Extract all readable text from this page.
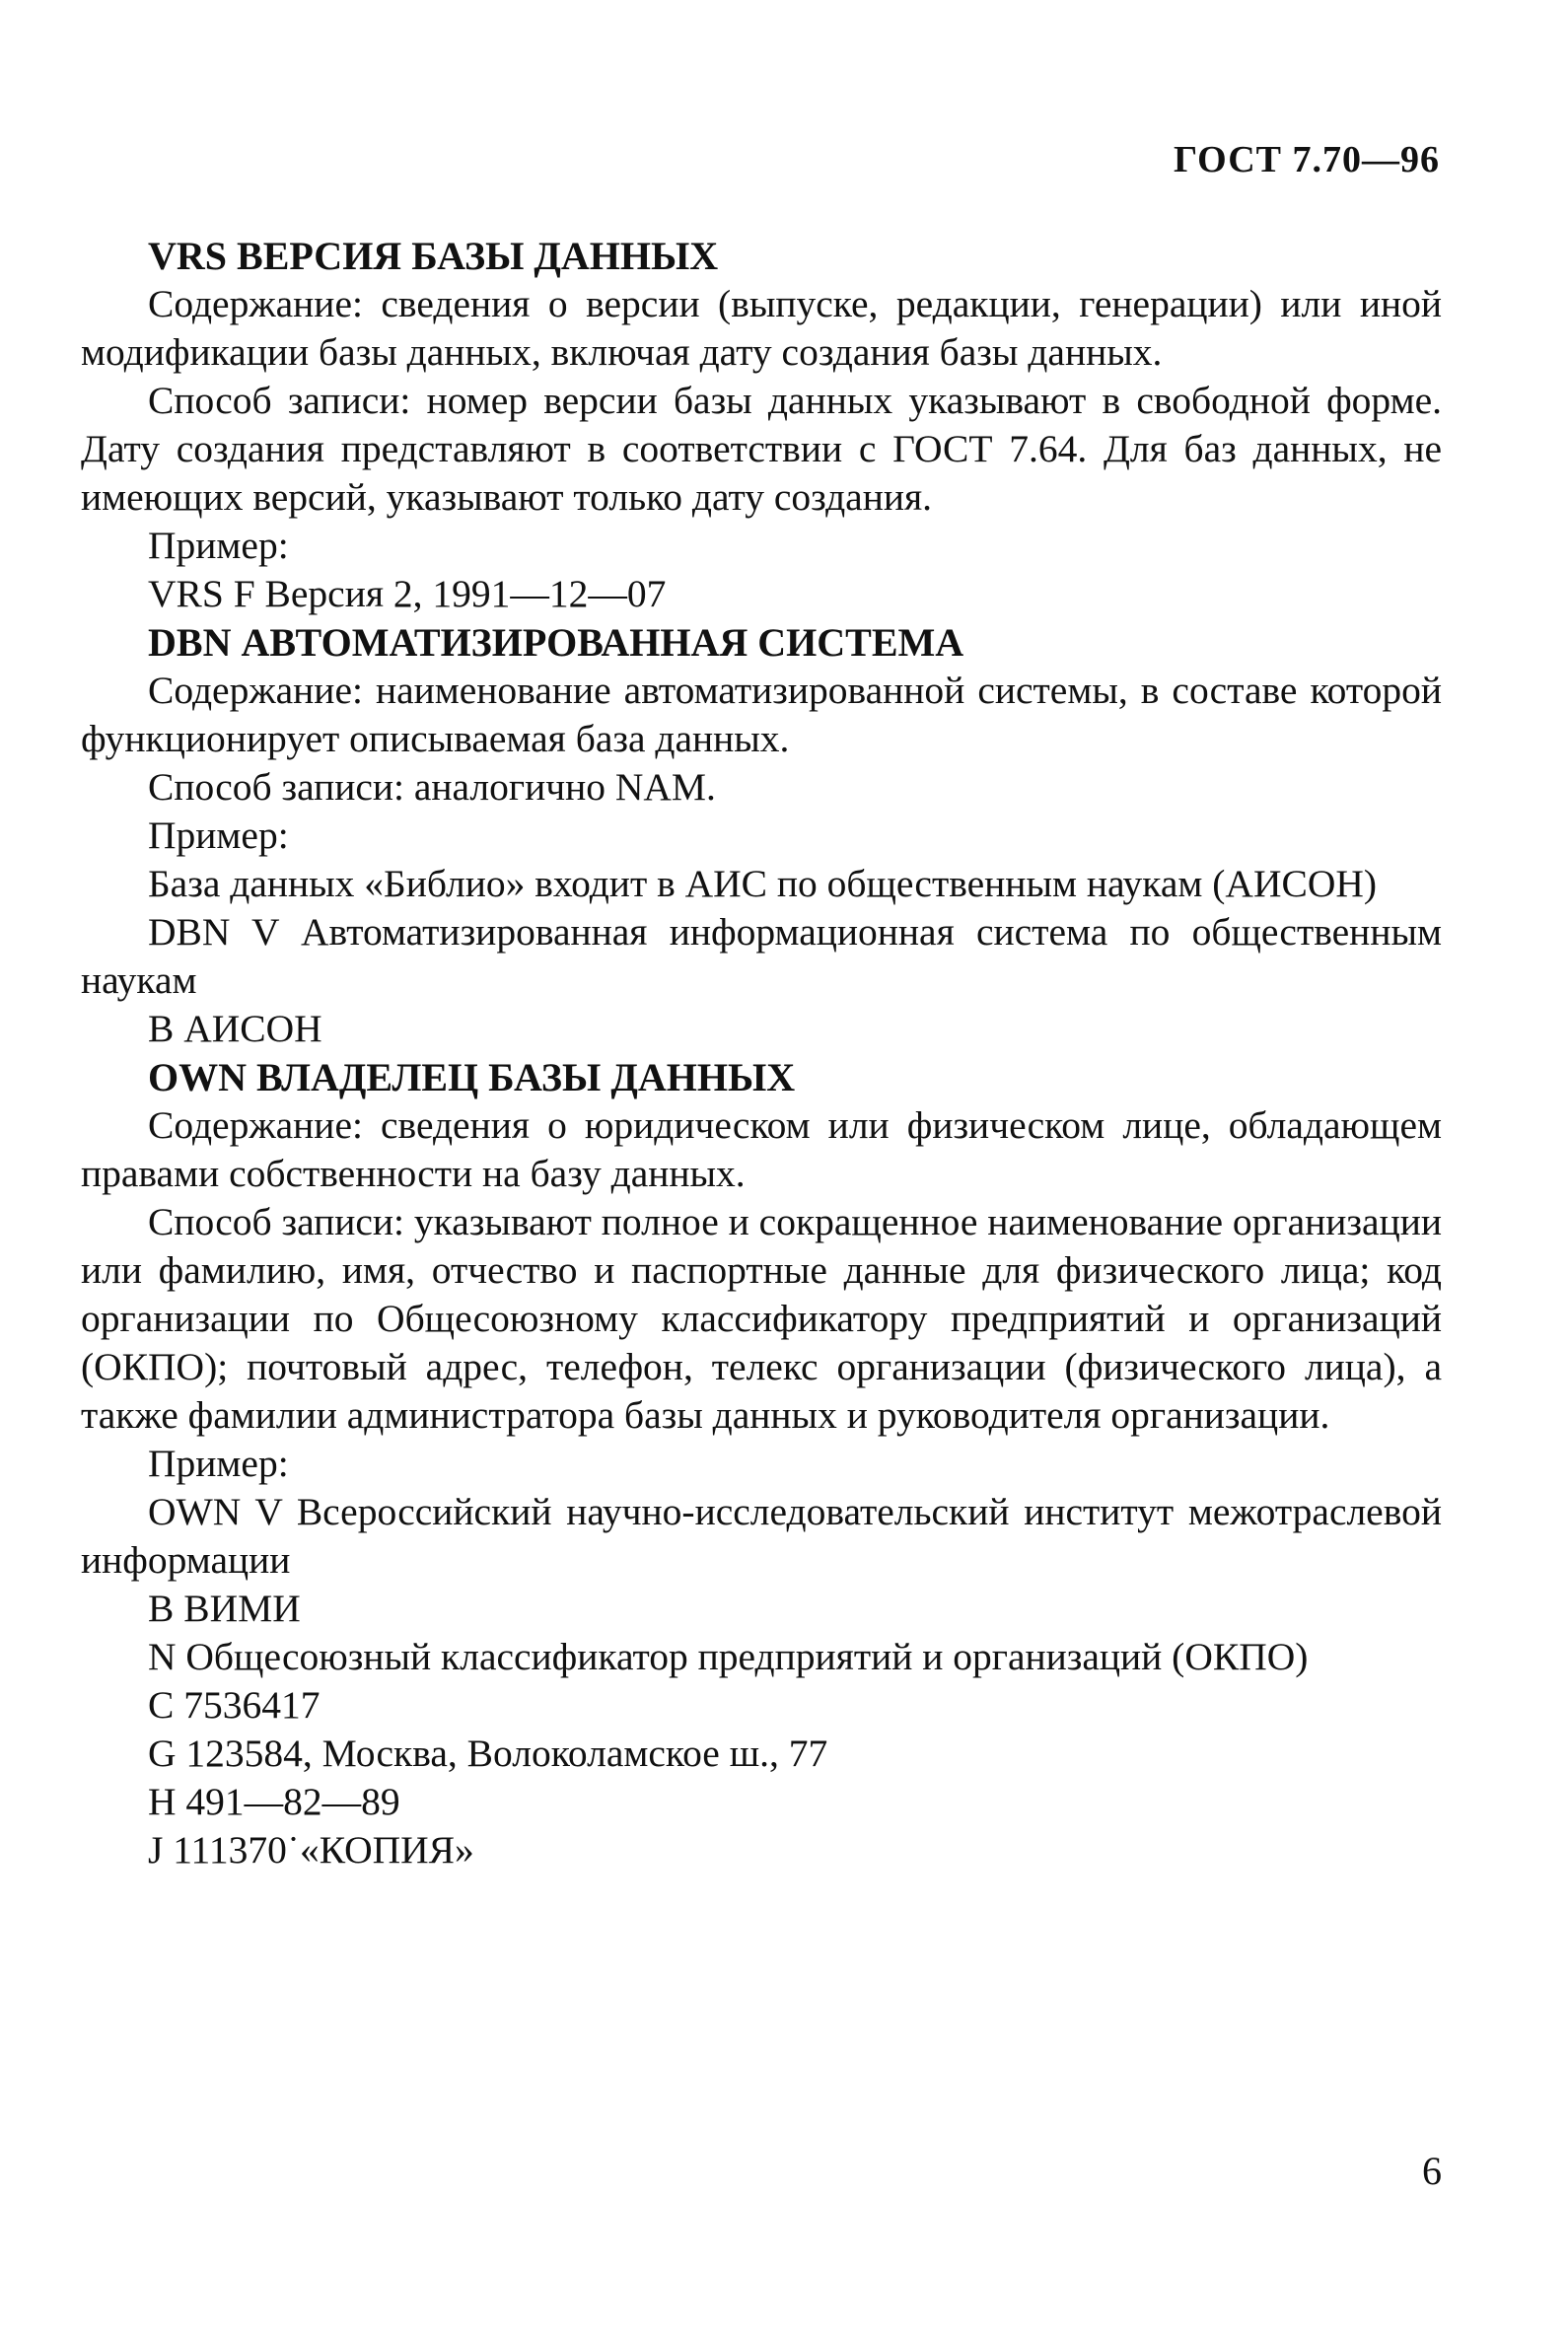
ГОСТ 7.70—96

VRS ВЕРСИЯ БАЗЫ ДАННЫХ

Содержание: сведения о версии (выпуске, редакции, генерации) или иной модификации базы данных, включая дату создания базы данных.

Способ записи: номер версии базы данных указывают в свободной форме. Дату создания представляют в соответствии с ГОСТ 7.64. Для баз данных, не имеющих версий, указывают только дату создания.

Пример:

VRS F Версия 2, 1991—12—07

DBN АВТОМАТИЗИРОВАННАЯ СИСТЕМА

Содержание: наименование автоматизированной системы, в составе которой функционирует описываемая база данных.

Способ записи: аналогично NAM.

Пример:

База данных «Библио» входит в АИС по общественным наукам (АИСОН)

DBN V Автоматизированная информационная система по общественным наукам

B АИСОН

OWN ВЛАДЕЛЕЦ БАЗЫ ДАННЫХ

Содержание: сведения о юридическом или физическом лице, обладающем правами собственности на базу данных.

Способ записи: указывают полное и сокращенное наименование организации или фамилию, имя, отчество и паспортные данные для физического лица; код организации по Общесоюзному классификатору предприятий и организаций (ОКПО); почтовый адрес, телефон, телекс организации (физического лица), а также фамилии администратора базы данных и руководителя организации.

Пример:

OWN V Всероссийский научно-исследовательский институт межотраслевой информации

B ВИМИ

N Общесоюзный классификатор предприятий и организаций (ОКПО)

C 7536417

G 123584, Москва, Волоколамское ш., 77

H 491—82—89

J 111370˙«КОПИЯ»

6
